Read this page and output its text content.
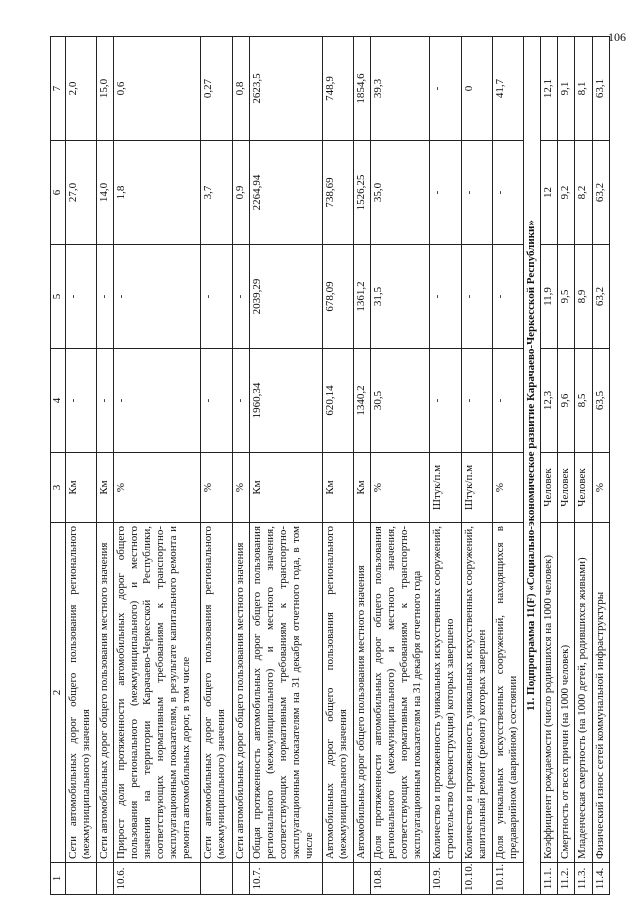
106
1	2	3	4	5	6	7
	Сети автомобильных дорог общего пользования регионального (межмуниципального) значения	Км	-	-	27,0	2,0
	Сети автомобильных дорог общего пользования местного значения	Км	-	-	14,0	15,0
10.6.	Прирост доли протяженности автомобильных дорог общего пользования регионального (межмуниципального) и местного значения на территории Карачаево-Черкесской Республики, соответствующих нормативным требованиям к транспортно-эксплуатационным показателям, в результате капитального ремонта и ремонта автомобильных дорог, в том числе	%	-	-	1,8	0,6
	Сети автомобильных дорог общего пользования регионального (межмуниципального) значения	%	-	-	3,7	0,27
	Сети автомобильных дорог общего пользования местного значения	%	-	-	0,9	0,8
10.7.	Общая протяженность автомобильных дорог общего пользования регионального (межмуниципального) и местного значения, соответствующих нормативным требованиям к транспортно-эксплуатационным показателям на 31 декабря отчетного года, в том числе	Км	1960,34	2039,29	2264,94	2623,5
	Автомобильных дорог общего пользования регионального (межмуниципального) значения	Км	620,14	678,09	738,69	748,9
	Автомобильных дорог общего пользования местного значения	Км	1340,2	1361,2	1526,25	1854,6
10.8.	Доля протяженности автомобильных дорог общего пользования регионального (межмуниципального) и местного значения, соответствующих нормативным требованиям к транспортно-эксплуатационным показателям на 31 декабря отчетного года	%	30,5	31,5	35,0	39,3
10.9.	Количество и протяженность уникальных искусственных сооружений, строительство (реконструкция) которых завершено	Штук/п.м	-	-	-	-
10.10.	Количество и протяженность уникальных искусственных сооружений, капитальный ремонт (ремонт) которых завершен	Штук/п.м	-	-	-	0
10.11.	Доля уникальных искусственных сооружений, находящихся в предаварийном (аварийном) состоянии	%	-	-	-	41,7
11. Подпрограмма 11(F) «Социально-экономическое развитие Карачаево-Черкесской Республики»						
11.1.	Коэффициент рождаемости (число родившихся на 1000 человек)	Человек	12,3	11,9	12	12,1
11.2.	Смертность от всех причин (на 1000 человек)	Человек	9,6	9,5	9,2	9,1
11.3.	Младенческая смертность (на 1000 детей, родившихся живыми)	Человек	8,5	8,9	8,2	8,1
11.4.	Физический износ сетей коммунальной инфраструктуры	%	63,5	63,2	63,2	63,1
